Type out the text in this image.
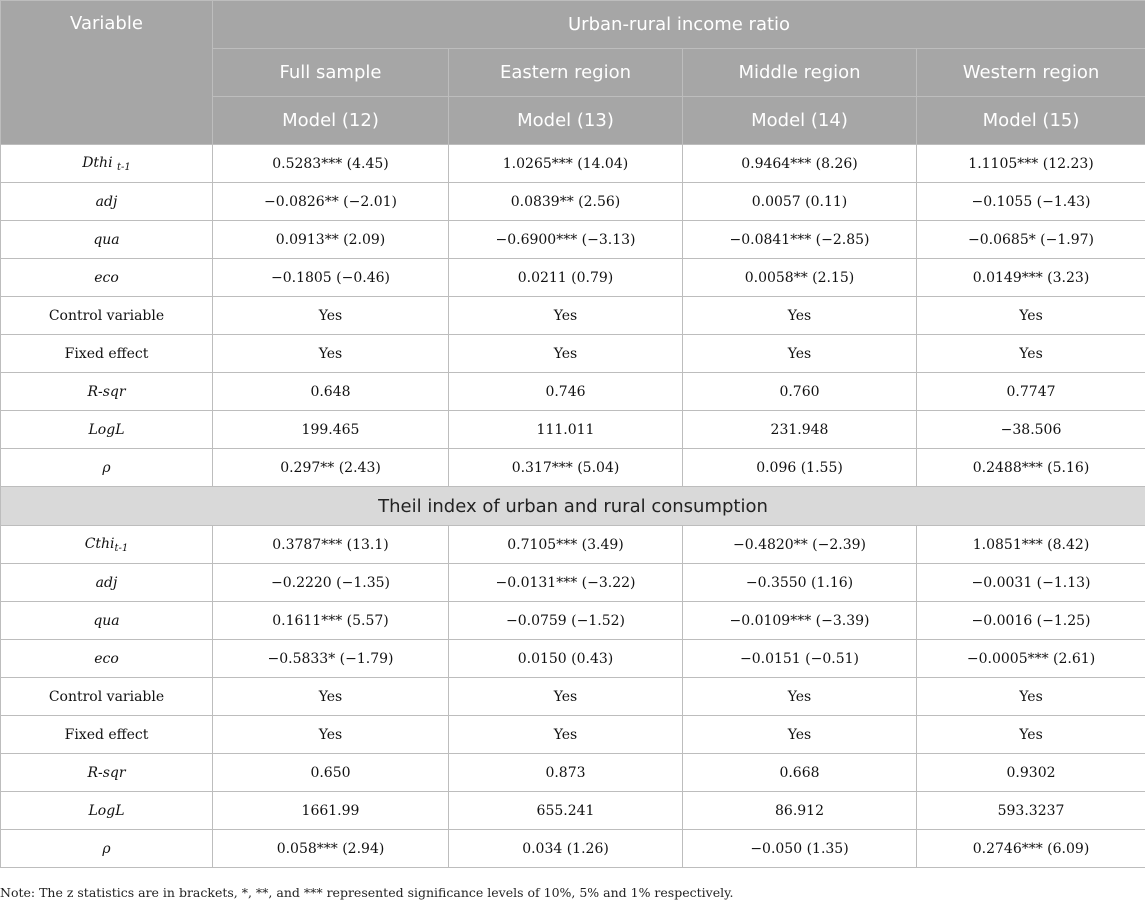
Variable	Urban-rural income ratio			
	Full sample	Eastern region	Middle region	Western region
	Model (12)	Model (13)	Model (14)	Model (15)
Dthi $_{t-1}$	0.5283*** (4.45)	1.0265*** (14.04)	0.9464*** (8.26)	1.1105*** (12.23)
adj	−0.0826** (−2.01)	0.0839** (2.56)	0.0057 (0.11)	−0.1055 (−1.43)
qua	0.0913** (2.09)	−0.6900*** (−3.13)	−0.0841*** (−2.85)	−0.0685* (−1.97)
eco	−0.1805 (−0.46)	0.0211 (0.79)	0.0058** (2.15)	0.0149*** (3.23)
Control variable	Yes	Yes	Yes	Yes
Fixed effect	Yes	Yes	Yes	Yes
R-sqr	0.648	0.746	0.760	0.7747
LogL	199.465	111.011	231.948	−38.506
ρ	0.297** (2.43)	0.317*** (5.04)	0.096 (1.55)	0.2488*** (5.16)
Theil index of urban and rural consumption				
Cthi$_{t-1}$	0.3787*** (13.1)	0.7105*** (3.49)	−0.4820** (−2.39)	1.0851*** (8.42)
adj	−0.2220 (−1.35)	−0.0131*** (−3.22)	−0.3550 (1.16)	−0.0031 (−1.13)
qua	0.1611*** (5.57)	−0.0759 (−1.52)	−0.0109*** (−3.39)	−0.0016 (−1.25)
eco	−0.5833* (−1.79)	0.0150 (0.43)	−0.0151 (−0.51)	−0.0005*** (2.61)
Control variable	Yes	Yes	Yes	Yes
Fixed effect	Yes	Yes	Yes	Yes
R-sqr	0.650	0.873	0.668	0.9302
LogL	1661.99	655.241	86.912	593.3237
ρ	0.058*** (2.94)	0.034 (1.26)	−0.050 (1.35)	0.2746*** (6.09)
Note: The z statistics are in brackets, *, **, and *** represented significance levels of 10%, 5% and 1% respectively.
